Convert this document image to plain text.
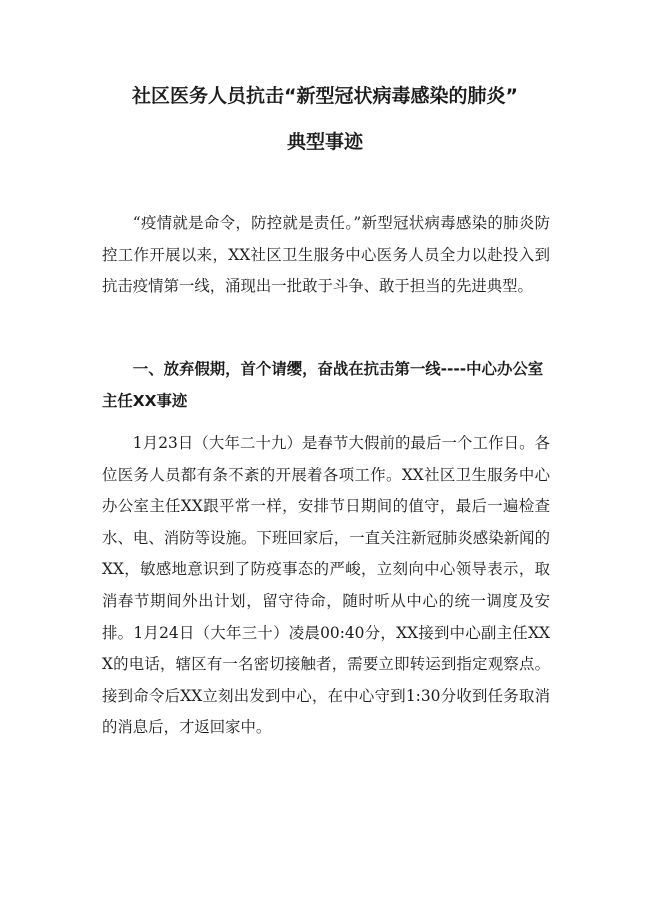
社区医务人员抗击“新型冠状病毒感染的肺炎”
典型事迹

“疫情就是命令，防控就是责任。”新型冠状病毒感染的肺炎防控工作开展以来，XX社区卫生服务中心医务人员全力以赴投入到抗击疫情第一线，涌现出一批敢于斗争、敢于担当的先进典型。

一、放弃假期，首个请缨，奋战在抗击第一线----中心办公室主任XX事迹

1月23日（大年二十九）是春节大假前的最后一个工作日。各位医务人员都有条不紊的开展着各项工作。XX社区卫生服务中心办公室主任XX跟平常一样，安排节日期间的值守，最后一遍检查水、电、消防等设施。下班回家后，一直关注新冠肺炎感染新闻的XX，敏感地意识到了防疫事态的严峻，立刻向中心领导表示，取消春节期间外出计划，留守待命，随时听从中心的统一调度及安排。1月24日（大年三十）凌晨00:40分，XX接到中心副主任XXX的电话，辖区有一名密切接触者，需要立即转运到指定观察点。接到命令后XX立刻出发到中心，在中心守到1:30分收到任务取消的消息后，才返回家中。
